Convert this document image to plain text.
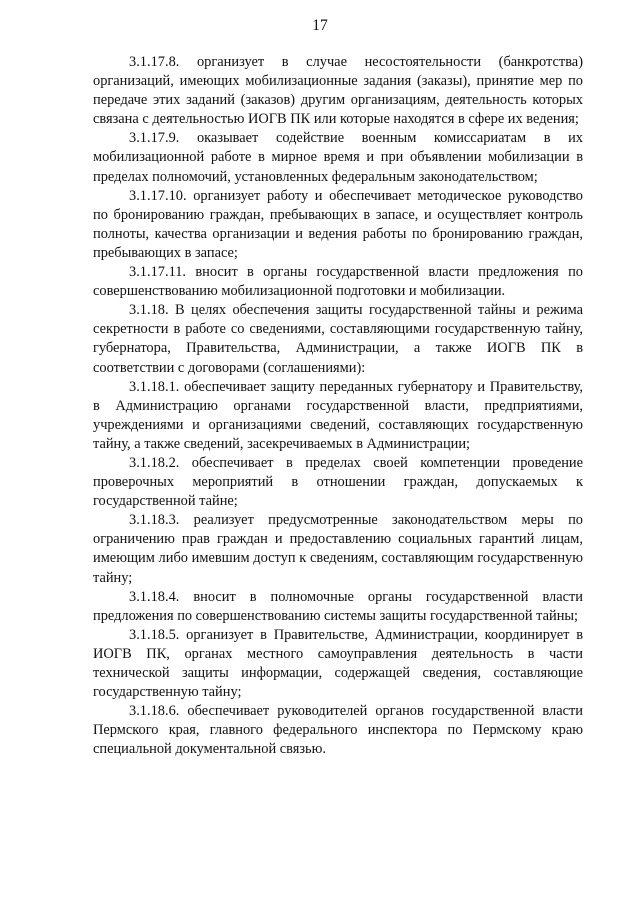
17

3.1.17.8. организует в случае несостоятельности (банкротства) организаций, имеющих мобилизационные задания (заказы), принятие мер по передаче этих заданий (заказов) другим организациям, деятельность которых связана с деятельностью ИОГВ ПК или которые находятся в сфере их ведения;

3.1.17.9. оказывает содействие военным комиссариатам в их мобилизационной работе в мирное время и при объявлении мобилизации в пределах полномочий, установленных федеральным законодательством;

3.1.17.10. организует работу и обеспечивает методическое руководство по бронированию граждан, пребывающих в запасе, и осуществляет контроль полноты, качества организации и ведения работы по бронированию граждан, пребывающих в запасе;

3.1.17.11. вносит в органы государственной власти предложения по совершенствованию мобилизационной подготовки и мобилизации.

3.1.18. В целях обеспечения защиты государственной тайны и режима секретности в работе со сведениями, составляющими государственную тайну, губернатора, Правительства, Администрации, а также ИОГВ ПК в соответствии с договорами (соглашениями):

3.1.18.1. обеспечивает защиту переданных губернатору и Правительству, в Администрацию органами государственной власти, предприятиями, учреждениями и организациями сведений, составляющих государственную тайну, а также сведений, засекречиваемых в Администрации;

3.1.18.2. обеспечивает в пределах своей компетенции проведение проверочных мероприятий в отношении граждан, допускаемых к государственной тайне;

3.1.18.3. реализует предусмотренные законодательством меры по ограничению прав граждан и предоставлению социальных гарантий лицам, имеющим либо имевшим доступ к сведениям, составляющим государственную тайну;

3.1.18.4. вносит в полномочные органы государственной власти предложения по совершенствованию системы защиты государственной тайны;

3.1.18.5. организует в Правительстве, Администрации, координирует в ИОГВ ПК, органах местного самоуправления деятельность в части технической защиты информации, содержащей сведения, составляющие государственную тайну;

3.1.18.6. обеспечивает руководителей органов государственной власти Пермского края, главного федерального инспектора по Пермскому краю специальной документальной связью.
